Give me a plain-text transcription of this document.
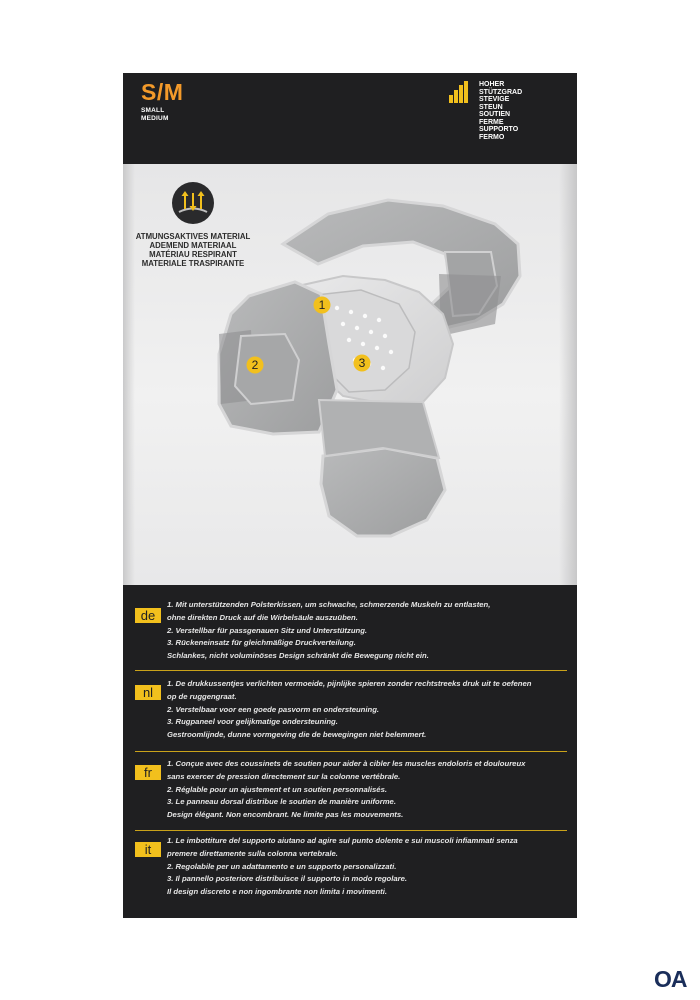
S/M
SMALL
MEDIUM
HOHER
STÜTZGRAD
STEVIGE
STEUN
SOUTIEN
FERME
SUPPORTO
FERMO
ATMUNGSAKTIVES MATERIAL
ADEMEND MATERIAAL
MATÉRIAU RESPIRANT
MATERIALE TRASPIRANTE
1
2	3
de
1. Mit unterstützenden Polsterkissen, um schwache, schmerzende Muskeln zu entlasten,
ohne direkten Druck auf die Wirbelsäule auszuüben.
2. Verstellbar für passgenauen Sitz und Unterstützung.
3. Rückeneinsatz für gleichmäßige Druckverteilung.
Schlankes, nicht voluminöses Design schränkt die Bewegung nicht ein.
nl
1. De drukkussentjes verlichten vermoeide, pijnlijke spieren zonder rechtstreeks druk uit te oefenen
op de ruggengraat.
2. Verstelbaar voor een goede pasvorm en ondersteuning.
3. Rugpaneel voor gelijkmatige ondersteuning.
Gestroomlijnde, dunne vormgeving die de bewegingen niet belemmert.
fr
1. Conçue avec des coussinets de soutien pour aider à cibler les muscles endoloris et douloureux
sans exercer de pression directement sur la colonne vertébrale.
2. Réglable pour un ajustement et un soutien personnalisés.
3. Le panneau dorsal distribue le soutien de manière uniforme.
Design élégant. Non encombrant. Ne limite pas les mouvements.
it
1. Le imbottiture del supporto aiutano ad agire sul punto dolente e sui muscoli infiammati senza
premere direttamente sulla colonna vertebrale.
2. Regolabile per un adattamento e un supporto personalizzati.
3. Il pannello posteriore distribuisce il supporto in modo regolare.
Il design discreto e non ingombrante non limita i movimenti.
OA
